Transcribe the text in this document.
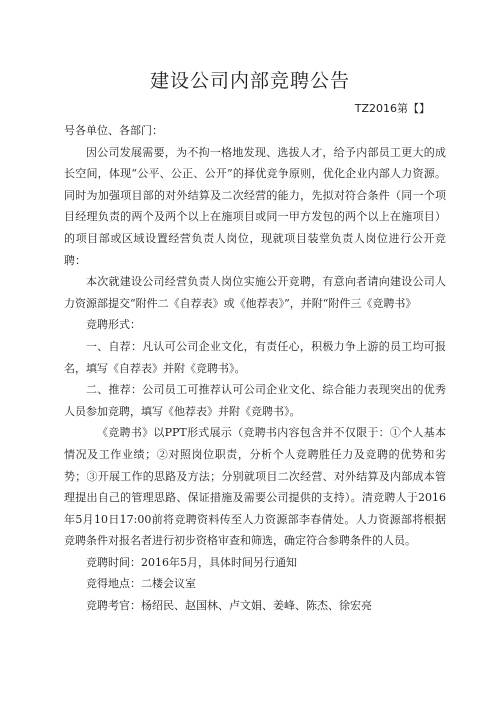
建设公司内部竞聘公告
TZ2016第【】

号各单位、各部门：

因公司发展需要，为不拘一格地发现、选拔人才，给予内部员工更大的成长空间，体现“公平、公正、公开”的择优竞争原则，优化企业内部人力资源。同时为加强项目部的对外结算及二次经营的能力，先拟对符合条件（同一个项目经理负责的两个及两个以上在施项目或同一甲方发包的两个以上在施项目）的项目部或区域设置经营负责人岗位，现就项目装堂负责人岗位进行公开竞聘：

本次就建设公司经营负责人岗位实施公开竞聘，有意向者请向建设公司人力资源部提交“附件二《自荐表》或《他荐表》”，并附“附件三《竞聘书》

竞聘形式：

一、自荐：凡认可公司企业文化，有责任心，积极力争上游的员工均可报名，填写《自荐表》并附《竞聘书》。

二、推荐：公司员工可推荐认可公司企业文化、综合能力表现突出的优秀人员参加竞聘，填写《他荐表》并附《竞聘书》。

《竞聘书》以PPT形式展示（竞聘书内容包含并不仅限于：①个人基本情况及工作业绩；②对照岗位职责，分析个人竞聘胜任力及竞聘的优势和劣势；③开展工作的思路及方法；分别就项目二次经营、对外结算及内部成本管理提出自己的管理思路、保证措施及需要公司提供的支持）。清竞聘人于2016年5月10日17:00前将竞聘资料传至人力资源部李春倩处。人力资源部将根据竞聘条件对报名者进行初步资格审查和筛选，确定符合参聘条件的人员。

竞聘时间：2016年5月，具体时间另行通知

竞得地点：二楼会议室

竞聘考官：杨绍民、赵国林、卢文娟、姜峰、陈杰、徐宏亮
